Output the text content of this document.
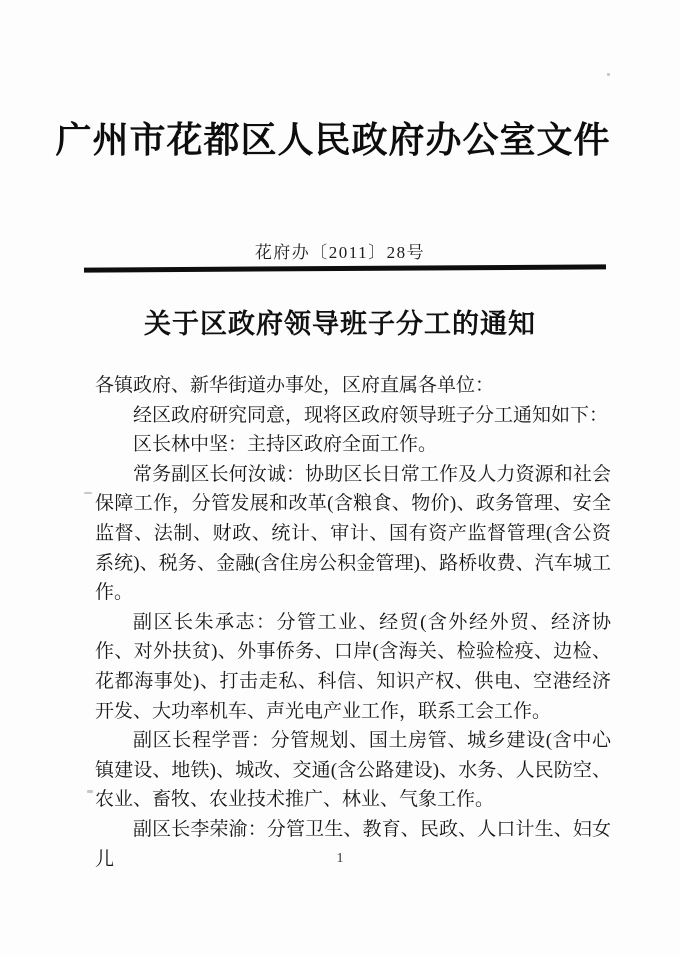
广州市花都区人民政府办公室文件
花府办〔2011〕28号
关于区政府领导班子分工的通知

各镇政府、新华街道办事处，区府直属各单位：

经区政府研究同意，现将区政府领导班子分工通知如下：

区长林中坚：主持区政府全面工作。

常务副区长何汝诚：协助区长日常工作及人力资源和社会保障工作，分管发展和改革(含粮食、物价)、政务管理、安全监督、法制、财政、统计、审计、国有资产监督管理(含公资系统)、税务、金融(含住房公积金管理)、路桥收费、汽车城工作。

副区长朱承志：分管工业、经贸(含外经外贸、经济协作、对外扶贫)、外事侨务、口岸(含海关、检验检疫、边检、花都海事处)、打击走私、科信、知识产权、供电、空港经济开发、大功率机车、声光电产业工作，联系工会工作。

副区长程学晋：分管规划、国土房管、城乡建设(含中心镇建设、地铁)、城改、交通(含公路建设)、水务、人民防空、农业、畜牧、农业技术推广、林业、气象工作。

副区长李荣渝：分管卫生、教育、民政、人口计生、妇女儿	1
